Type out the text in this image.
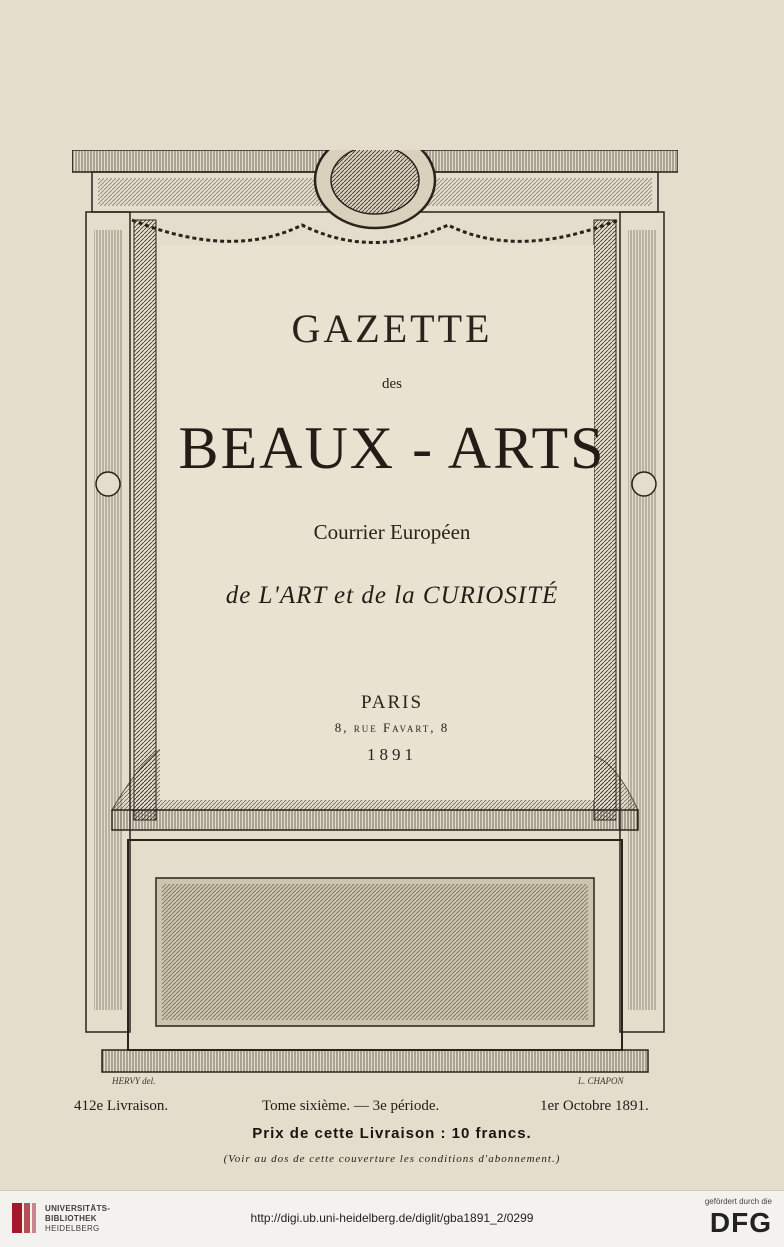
GAZETTE
des
BEAUX - ARTS
Courrier Européen
de L'ART et de la CURIOSITÉ
PARIS
8, rue Favart, 8
1891
HERVY del.	L. CHAPON
412e Livraison.	Tome sixième. — 3e période.	1er Octobre 1891.
Prix de cette Livraison : 10 francs.
(Voir au dos de cette couverture les conditions d'abonnement.)
UNIVERSITÄTS-
BIBLIOTHEK
HEIDELBERG
http://digi.ub.uni-heidelberg.de/diglit/gba1891_2/0299
gefördert durch die
DFG
